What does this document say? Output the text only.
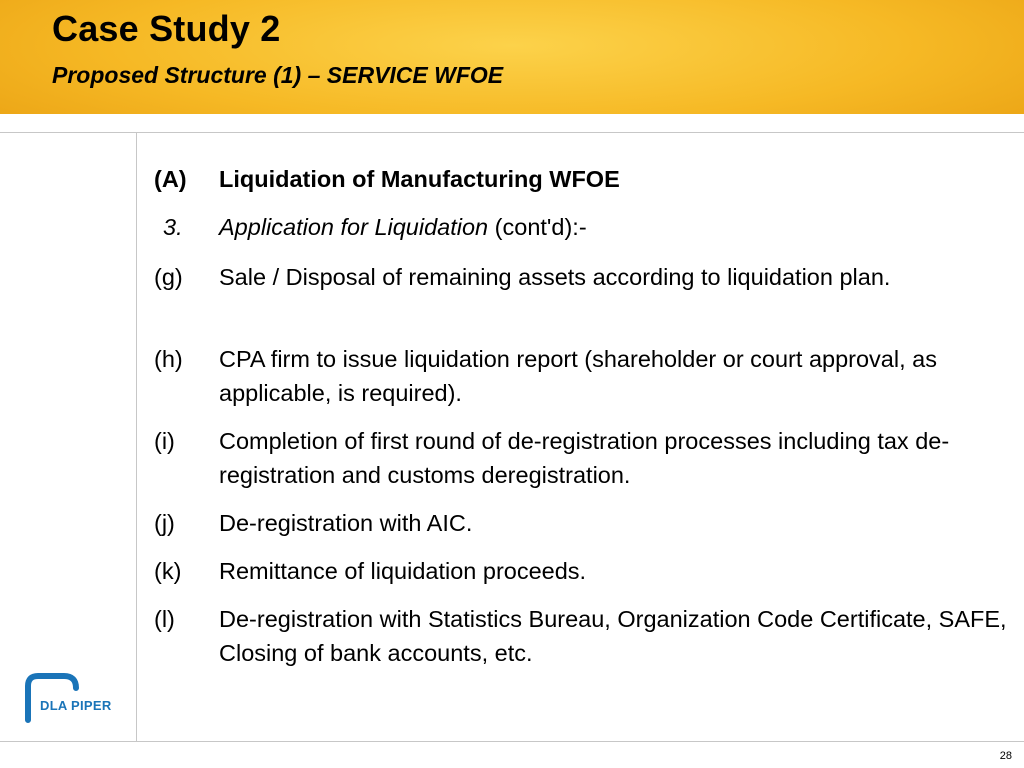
Case Study 2
Proposed Structure (1) – SERVICE WFOE
(A) Liquidation of Manufacturing WFOE
3. Application for Liquidation (cont'd):-
(g) Sale / Disposal of remaining assets according to liquidation plan.
(h) CPA firm to issue liquidation report (shareholder or court approval, as applicable, is required).
(i) Completion of first round of de-registration processes including tax de-registration and customs deregistration.
(j) De-registration with AIC.
(k) Remittance of liquidation proceeds.
(l) De-registration with Statistics Bureau, Organization Code Certificate, SAFE, Closing of bank accounts, etc.
DLA PIPER
28
